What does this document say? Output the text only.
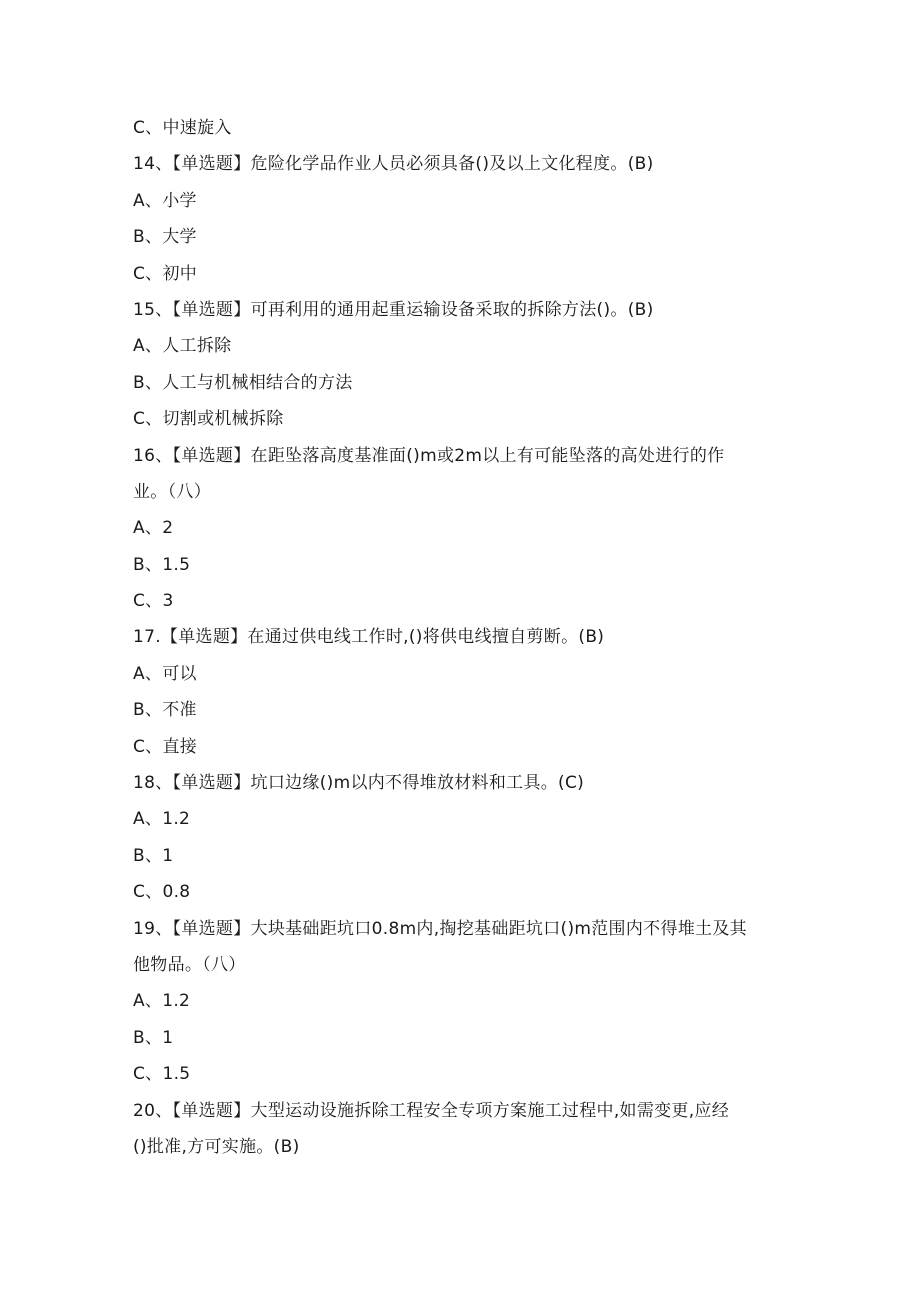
C、中速旋入
14、【单选题】危险化学品作业人员必须具备()及以上文化程度。(B)
A、小学
B、大学
C、初中
15、【单选题】可再利用的通用起重运输设备采取的拆除方法()。(B)
A、人工拆除
B、人工与机械相结合的方法
C、切割或机械拆除
16、【单选题】在距坠落高度基准面()m或2m以上有可能坠落的高处进行的作
业。（八）
A、2
B、1.5
C、3
17.【单选题】在通过供电线工作时,()将供电线擅自剪断。(B)
A、可以
B、不准
C、直接
18、【单选题】坑口边缘()m以内不得堆放材料和工具。(C)
A、1.2
B、1
C、0.8
19、【单选题】大块基础距坑口0.8m内,掏挖基础距坑口()m范围内不得堆土及其
他物品。（八）
A、1.2
B、1
C、1.5
20、【单选题】大型运动设施拆除工程安全专项方案施工过程中,如需变更,应经
()批准,方可实施。(B)
